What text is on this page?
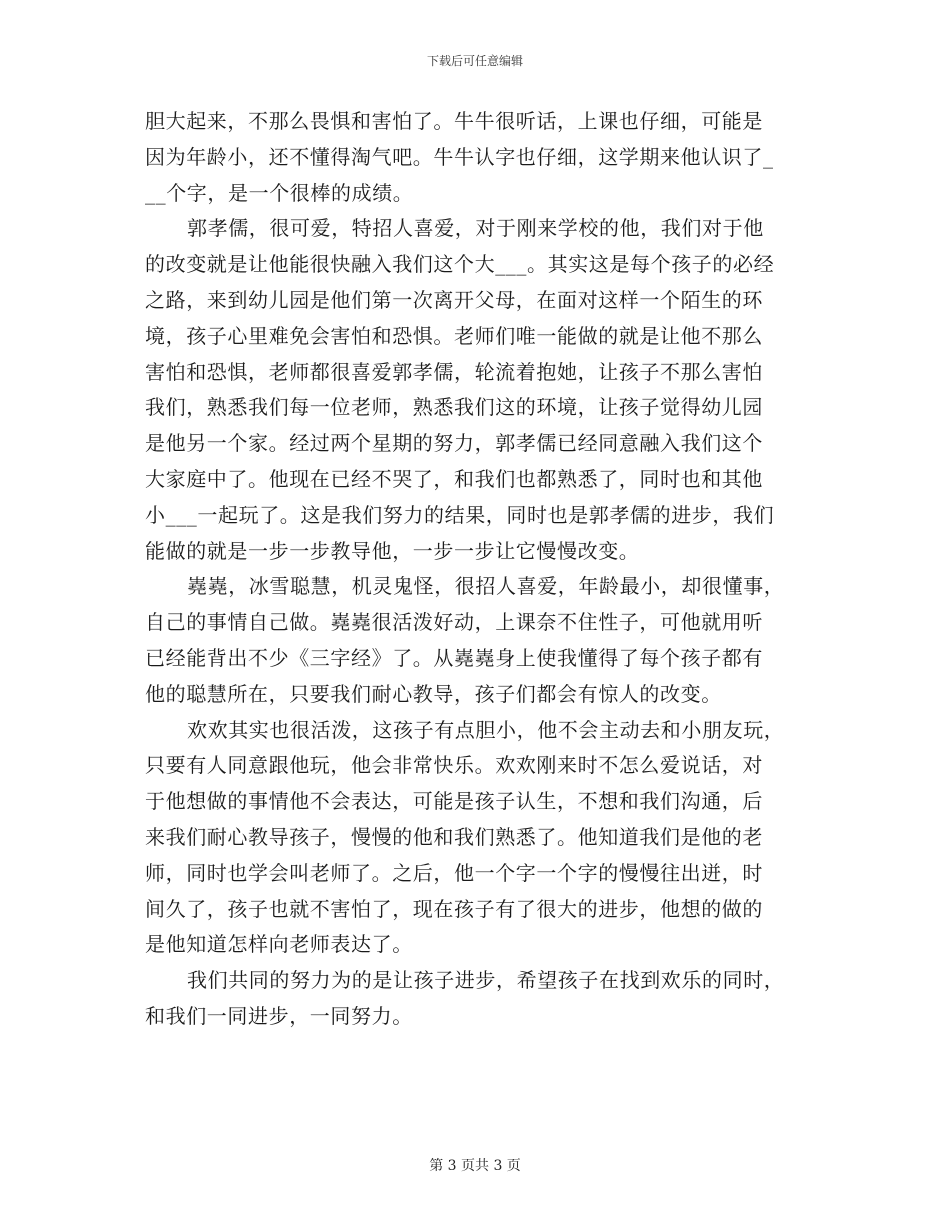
下载后可任意编辑
胆大起来，不那么畏惧和害怕了。牛牛很听话，上课也仔细，可能是
因为年龄小，还不懂得淘气吧。牛牛认字也仔细，这学期来他认识了_
__个字，是一个很棒的成绩。
郭孝儒，很可爱，特招人喜爱，对于刚来学校的他，我们对于他
的改变就是让他能很快融入我们这个大___。其实这是每个孩子的必经
之路，来到幼儿园是他们第一次离开父母，在面对这样一个陌生的环
境，孩子心里难免会害怕和恐惧。老师们唯一能做的就是让他不那么
害怕和恐惧，老师都很喜爱郭孝儒，轮流着抱她，让孩子不那么害怕
我们，熟悉我们每一位老师，熟悉我们这的环境，让孩子觉得幼儿园
是他另一个家。经过两个星期的努力，郭孝儒已经同意融入我们这个
大家庭中了。他现在已经不哭了，和我们也都熟悉了，同时也和其他
小___一起玩了。这是我们努力的结果，同时也是郭孝儒的进步，我们
能做的就是一步一步教导他，一步一步让它慢慢改变。
嶤嶤，冰雪聪慧，机灵鬼怪，很招人喜爱，年龄最小，却很懂事，
自己的事情自己做。嶤嶤很活泼好动，上课奈不住性子，可他就用听
已经能背出不少《三字经》了。从嶤嶤身上使我懂得了每个孩子都有
他的聪慧所在，只要我们耐心教导，孩子们都会有惊人的改变。
欢欢其实也很活泼，这孩子有点胆小，他不会主动去和小朋友玩，
只要有人同意跟他玩，他会非常快乐。欢欢刚来时不怎么爱说话，对
于他想做的事情他不会表达，可能是孩子认生，不想和我们沟通，后
来我们耐心教导孩子，慢慢的他和我们熟悉了。他知道我们是他的老
师，同时也学会叫老师了。之后，他一个字一个字的慢慢往出迸，时
间久了，孩子也就不害怕了，现在孩子有了很大的进步，他想的做的
是他知道怎样向老师表达了。
我们共同的努力为的是让孩子进步，希望孩子在找到欢乐的同时，
和我们一同进步，一同努力。
第 3 页共 3 页
